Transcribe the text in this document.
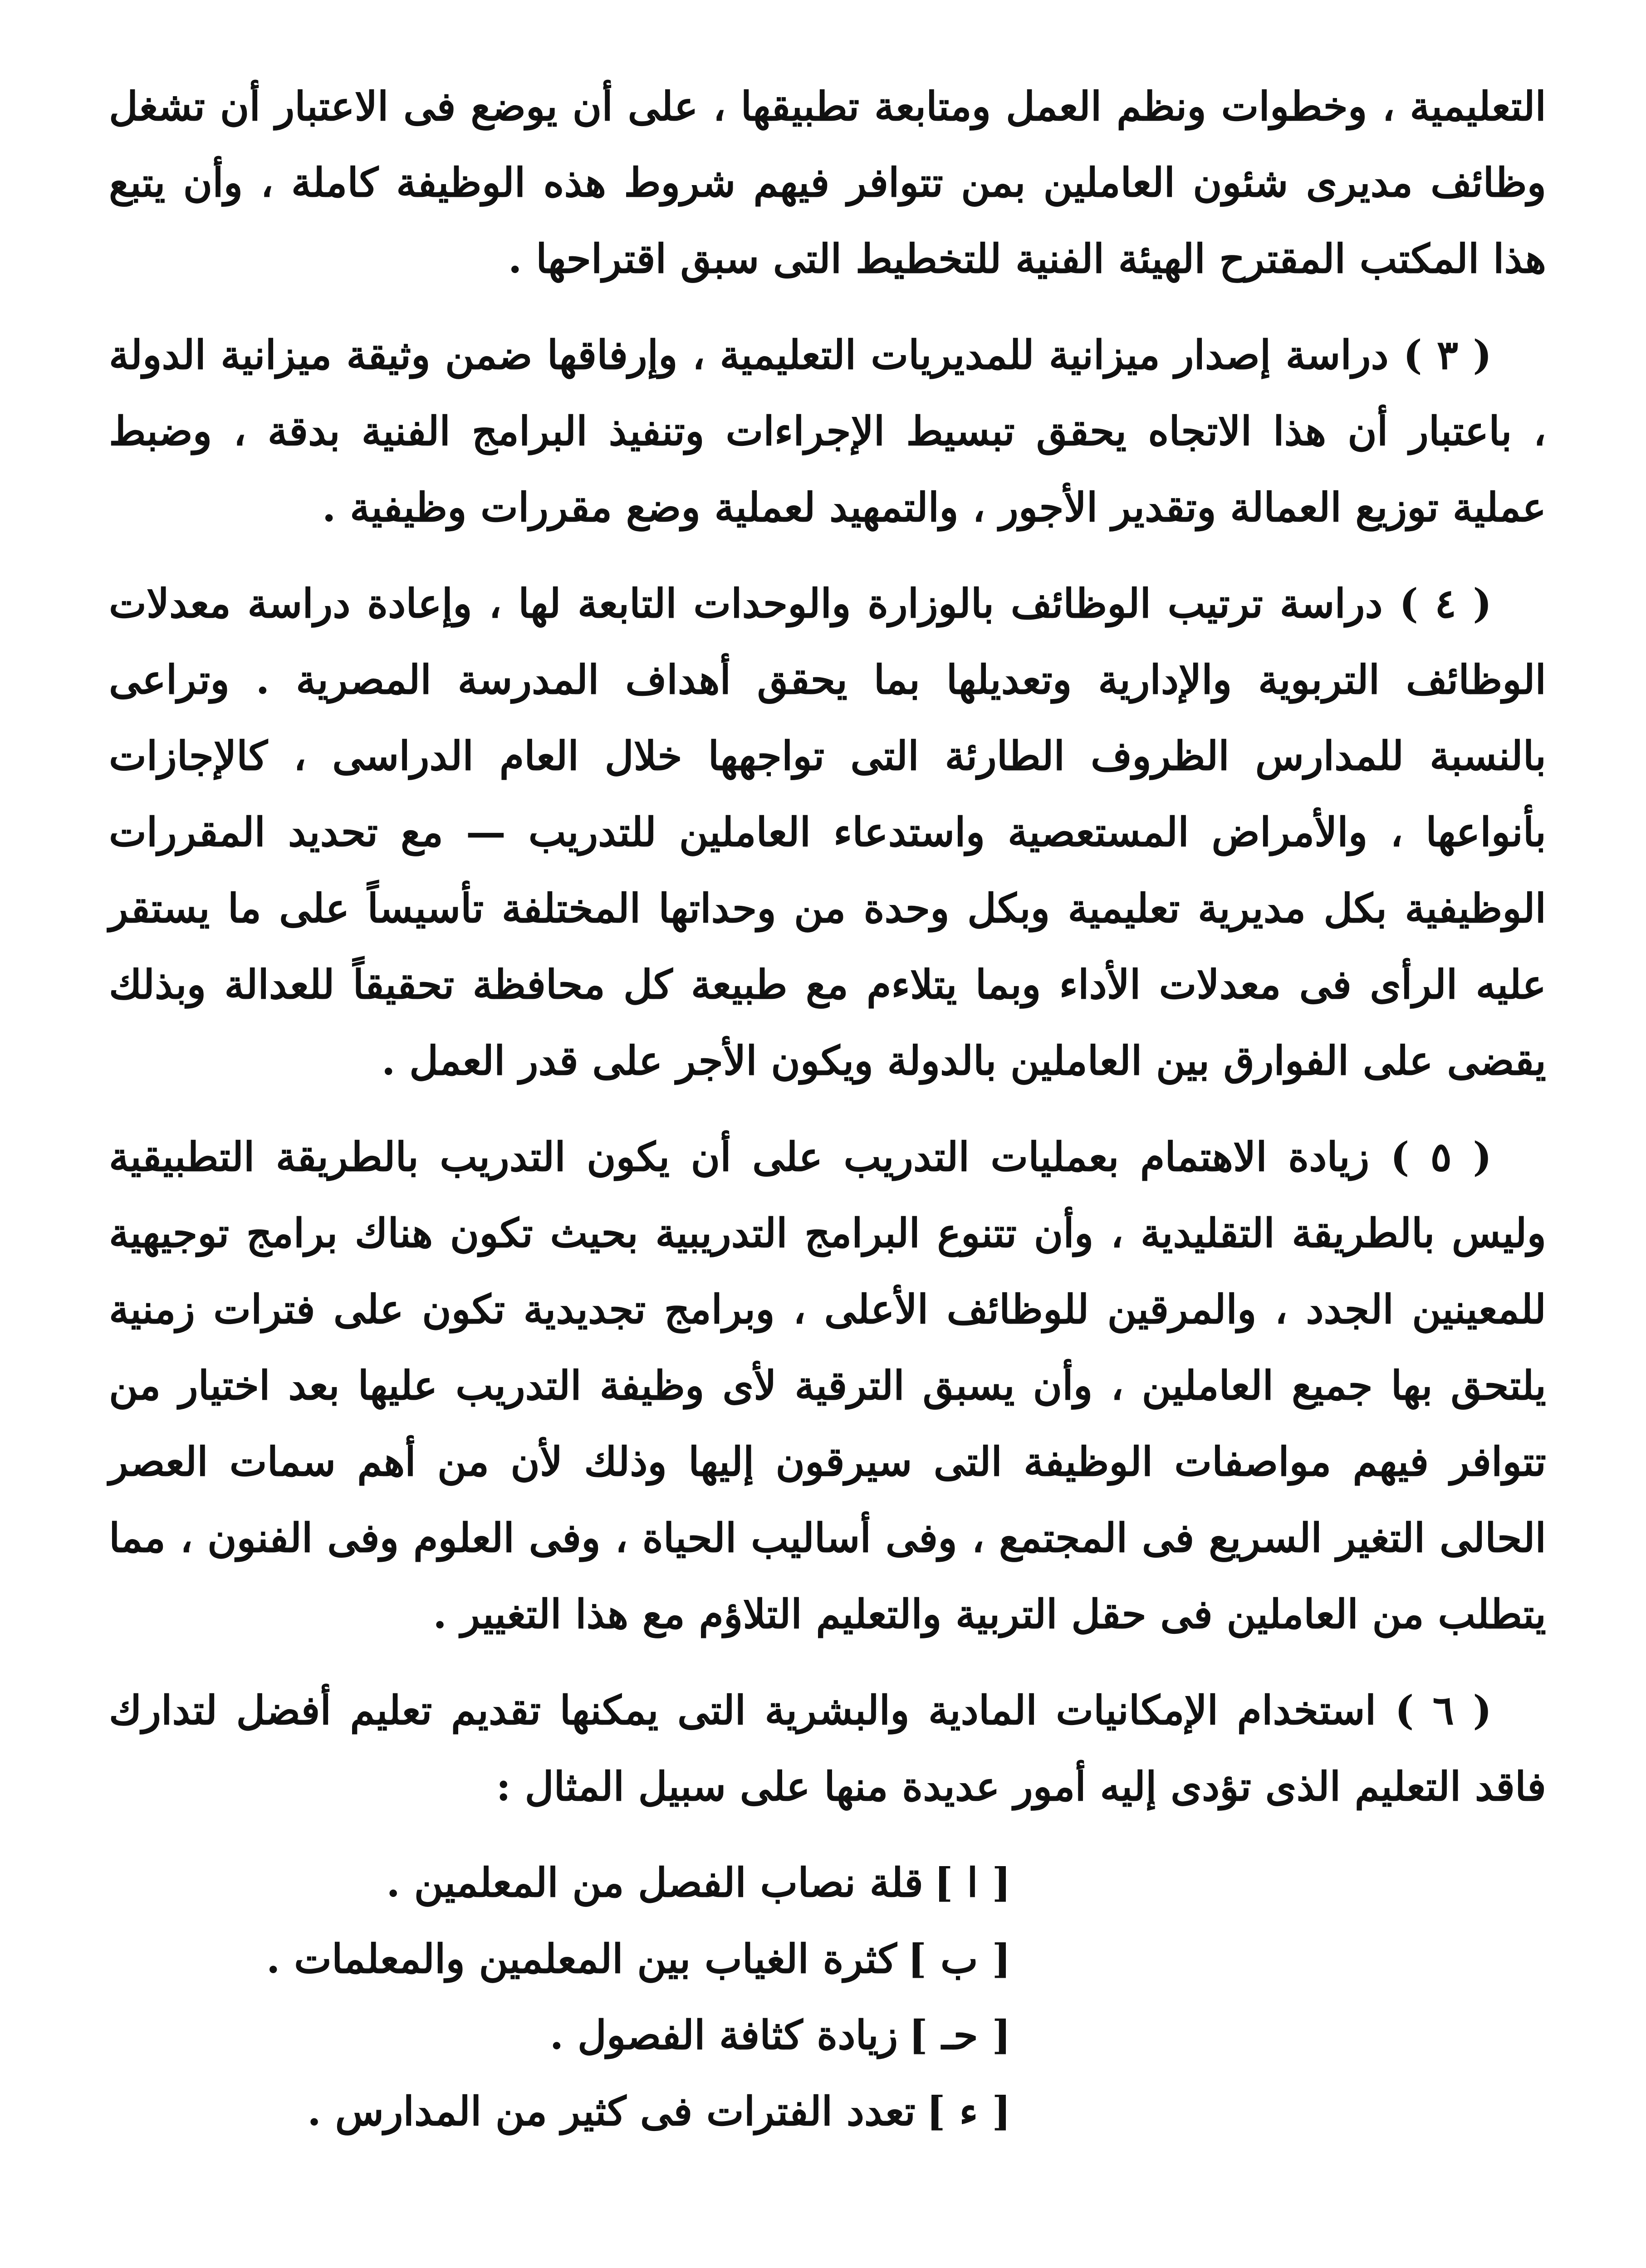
التعليمية ، وخطوات ونظم العمل ومتابعة تطبيقها ، على أن يوضع فى الاعتبار أن تشغل وظائف مديرى شئون العاملين بمن تتوافر فيهم شروط هذه الوظيفة كاملة ، وأن يتبع هذا المكتب المقترح الهيئة الفنية للتخطيط التى سبق اقتراحها .

( ٣ ) دراسة إصدار ميزانية للمديريات التعليمية ، وإرفاقها ضمن وثيقة ميزانية الدولة ، باعتبار أن هذا الاتجاه يحقق تبسيط الإجراءات وتنفيذ البرامج الفنية بدقة ، وضبط عملية توزيع العمالة وتقدير الأجور ، والتمهيد لعملية وضع مقررات وظيفية .

( ٤ ) دراسة ترتيب الوظائف بالوزارة والوحدات التابعة لها ، وإعادة دراسة معدلات الوظائف التربوية والإدارية وتعديلها بما يحقق أهداف المدرسة المصرية . وتراعى بالنسبة للمدارس الظروف الطارئة التى تواجهها خلال العام الدراسى ، كالإجازات بأنواعها ، والأمراض المستعصية واستدعاء العاملين للتدريب — مع تحديد المقررات الوظيفية بكل مديرية تعليمية وبكل وحدة من وحداتها المختلفة تأسيساً على ما يستقر عليه الرأى فى معدلات الأداء وبما يتلاءم مع طبيعة كل محافظة تحقيقاً للعدالة وبذلك يقضى على الفوارق بين العاملين بالدولة ويكون الأجر على قدر العمل .

( ٥ ) زيادة الاهتمام بعمليات التدريب على أن يكون التدريب بالطريقة التطبيقية وليس بالطريقة التقليدية ، وأن تتنوع البرامج التدريبية بحيث تكون هناك برامج توجيهية للمعينين الجدد ، والمرقين للوظائف الأعلى ، وبرامج تجديدية تكون على فترات زمنية يلتحق بها جميع العاملين ، وأن يسبق الترقية لأى وظيفة التدريب عليها بعد اختيار من تتوافر فيهم مواصفات الوظيفة التى سيرقون إليها وذلك لأن من أهم سمات العصر الحالى التغير السريع فى المجتمع ، وفى أساليب الحياة ، وفى العلوم وفى الفنون ، مما يتطلب من العاملين فى حقل التربية والتعليم التلاؤم مع هذا التغيير .

( ٦ ) استخدام الإمكانيات المادية والبشرية التى يمكنها تقديم تعليم أفضل لتدارك فاقد التعليم الذى تؤدى إليه أمور عديدة منها على سبيل المثال :

[ ا ]قلة نصاب الفصل من المعلمين .
[ ب ]كثرة الغياب بين المعلمين والمعلمات .
[ حـ ]زيادة كثافة الفصول .
[ ء ]تعدد الفترات فى كثير من المدارس .
